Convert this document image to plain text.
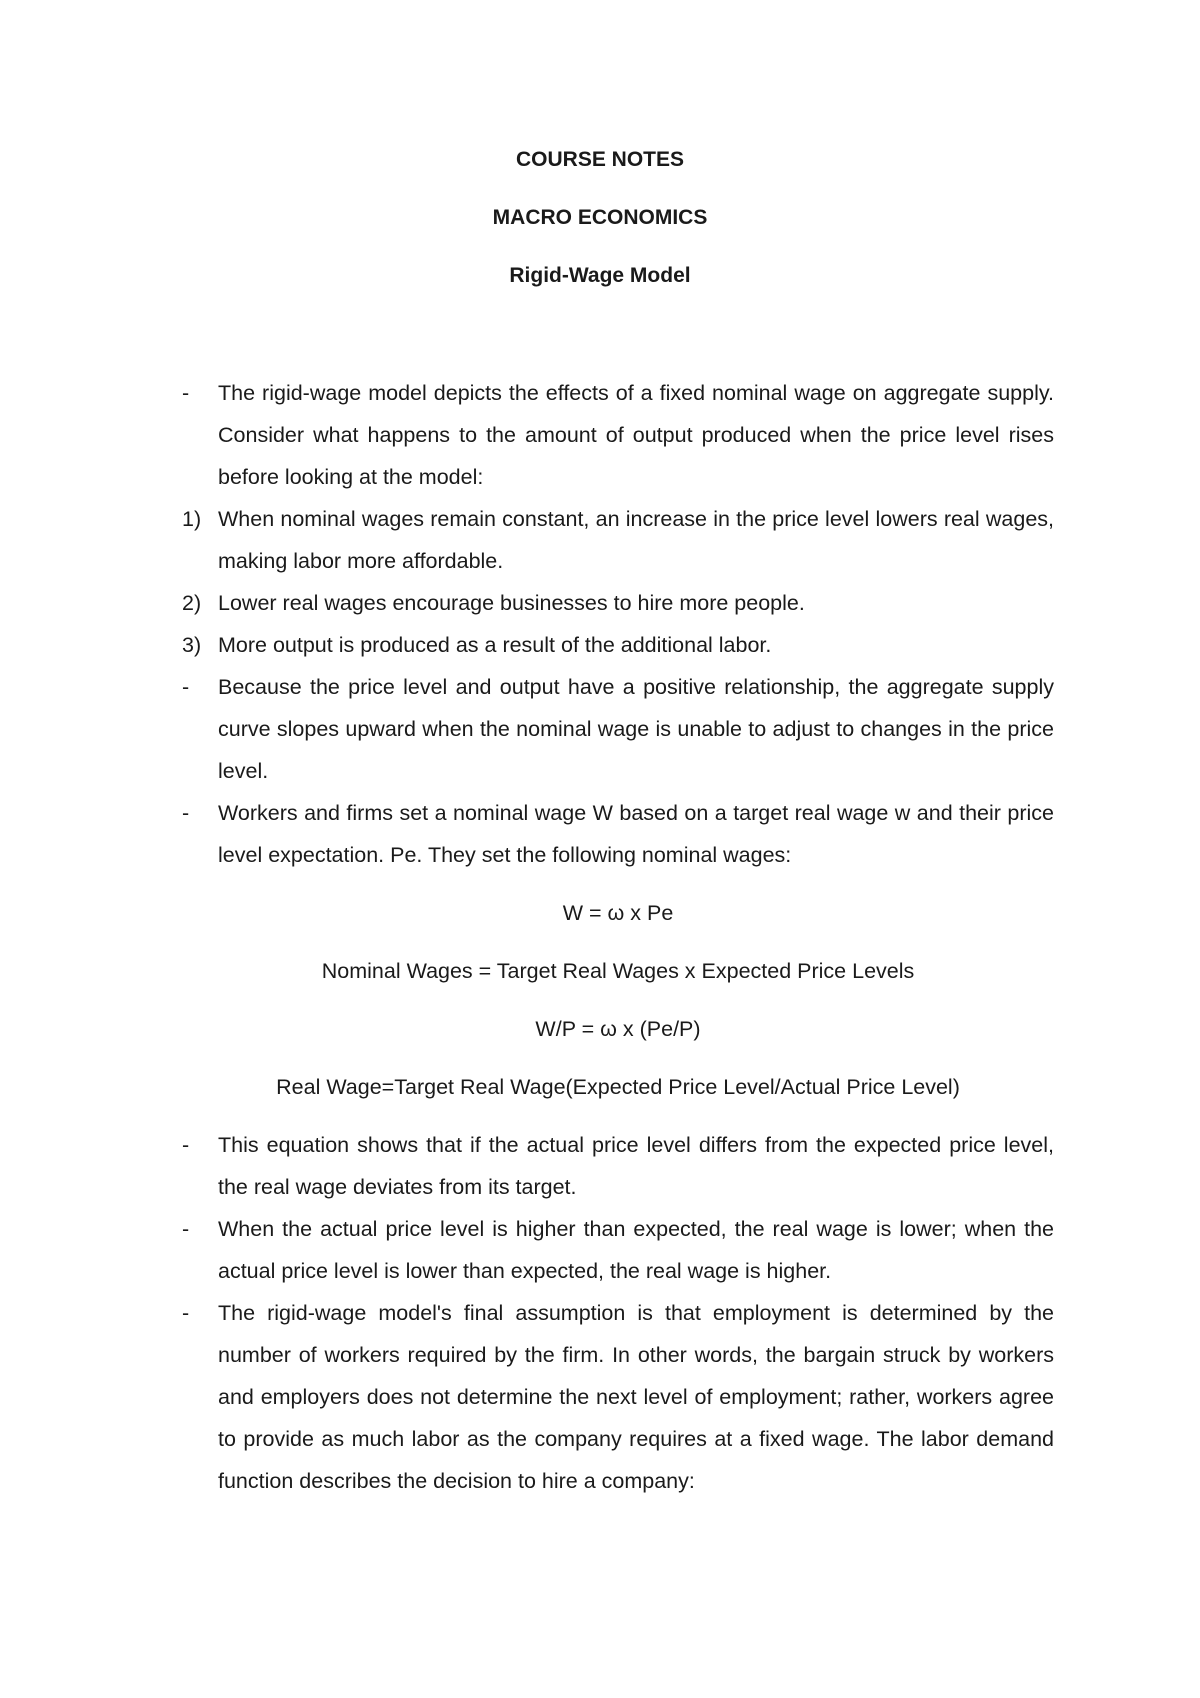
COURSE NOTES
MACRO ECONOMICS
Rigid-Wage Model
- The rigid-wage model depicts the effects of a fixed nominal wage on aggregate supply. Consider what happens to the amount of output produced when the price level rises before looking at the model:
1) When nominal wages remain constant, an increase in the price level lowers real wages, making labor more affordable.
2) Lower real wages encourage businesses to hire more people.
3) More output is produced as a result of the additional labor.
- Because the price level and output have a positive relationship, the aggregate supply curve slopes upward when the nominal wage is unable to adjust to changes in the price level.
- Workers and firms set a nominal wage W based on a target real wage w and their price level expectation. Pe. They set the following nominal wages:
W = ω x Pe
Nominal Wages = Target Real Wages x Expected Price Levels
W/P = ω x (Pe/P)
Real Wage=Target Real Wage(Expected Price Level/Actual Price Level)
- This equation shows that if the actual price level differs from the expected price level, the real wage deviates from its target.
- When the actual price level is higher than expected, the real wage is lower; when the actual price level is lower than expected, the real wage is higher.
- The rigid-wage model's final assumption is that employment is determined by the number of workers required by the firm. In other words, the bargain struck by workers and employers does not determine the next level of employment; rather, workers agree to provide as much labor as the company requires at a fixed wage. The labor demand function describes the decision to hire a company:
